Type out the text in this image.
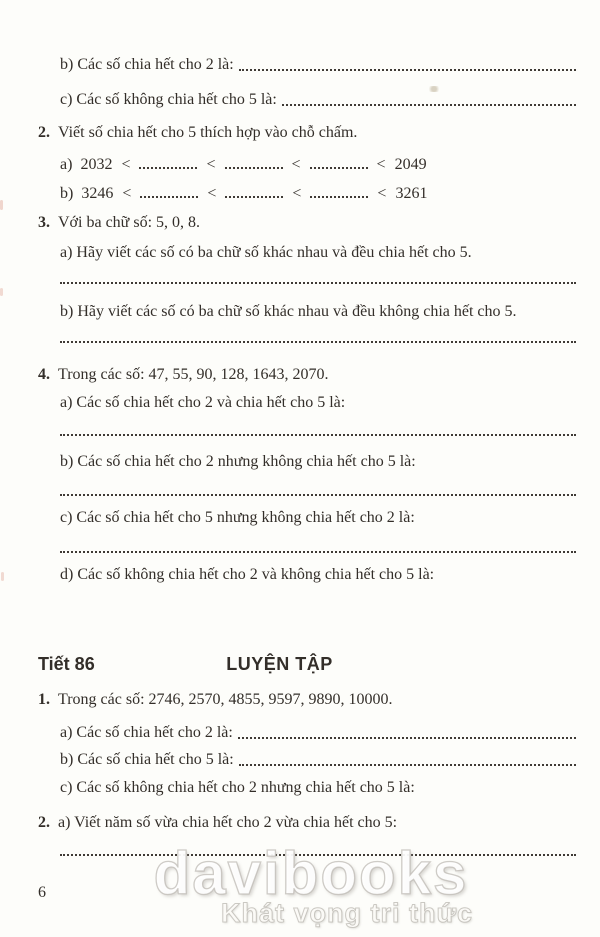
b) Các số chia hết cho 2 là:
c) Các số không chia hết cho 5 là:
2. Viết số chia hết cho 5 thích hợp vào chỗ chấm.
a) 2032 <	<	<	< 2049
b) 3246 <	<	<	< 3261
3. Với ba chữ số: 5, 0, 8.
a) Hãy viết các số có ba chữ số khác nhau và đều chia hết cho 5.
b) Hãy viết các số có ba chữ số khác nhau và đều không chia hết cho 5.
4. Trong các số: 47, 55, 90, 128, 1643, 2070.
a) Các số chia hết cho 2 và chia hết cho 5 là:
b) Các số chia hết cho 2 nhưng không chia hết cho 5 là:
c) Các số chia hết cho 5 nhưng không chia hết cho 2 là:
d) Các số không chia hết cho 2 và không chia hết cho 5 là:
Tiết 86	LUYỆN TẬP
1. Trong các số: 2746, 2570, 4855, 9597, 9890, 10000.
a) Các số chia hết cho 2 là:
b) Các số chia hết cho 5 là:
c) Các số không chia hết cho 2 nhưng chia hết cho 5 là:
2. a) Viết năm số vừa chia hết cho 2 vừa chia hết cho 5:
davibooks
Khát vọng tri thức
6
